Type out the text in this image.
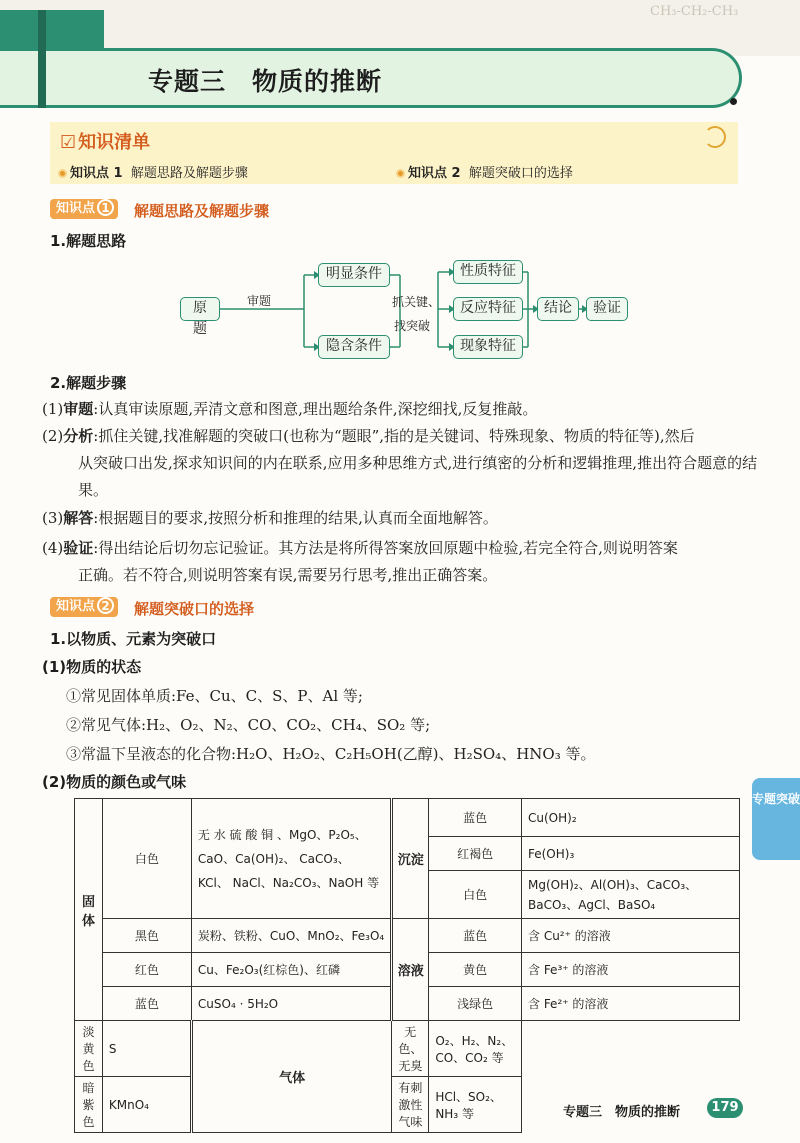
CH₃-CH₂-CH₃
专题三　物质的推断
☑ 知识清单
知识点 1 解题思路及解题步骤	知识点 2 解题突破口的选择
知识点 1	解题思路及解题步骤
1.解题思路
原题
审题
明显条件
隐含条件
抓关键、
找突破
性质特征
反应特征
现象特征
结论	验证
2.解题步骤
(1)审题:认真审读原题,弄清文意和图意,理出题给条件,深挖细找,反复推敲。
(2)分析:抓住关键,找准解题的突破口(也称为“题眼”,指的是关键词、特殊现象、物质的特征等),然后
从突破口出发,探求知识间的内在联系,应用多种思维方式,进行缜密的分析和逻辑推理,推出符合题意的结果。
(3)解答:根据题目的要求,按照分析和推理的结果,认真而全面地解答。
(4)验证:得出结论后切勿忘记验证。其方法是将所得答案放回原题中检验,若完全符合,则说明答案
正确。若不符合,则说明答案有误,需要另行思考,推出正确答案。
知识点 2	解题突破口的选择
1.以物质、元素为突破口
(1)物质的状态
①常见固体单质:Fe、Cu、C、S、P、Al 等;
②常见气体:H₂、O₂、N₂、CO、CO₂、CH₄、SO₂ 等;
③常温下呈液态的化合物:H₂O、H₂O₂、C₂H₅OH(乙醇)、H₂SO₄、HNO₃ 等。
(2)物质的颜色或气味
固体	白色	无 水 硫 酸 铜 、MgO、P₂O₅、CaO、Ca(OH)₂、 CaCO₃、 KCl、 NaCl、Na₂CO₃、NaOH 等	沉淀	蓝色	Cu(OH)₂
				红褐色	Fe(OH)₃
				白色	Mg(OH)₂、Al(OH)₃、CaCO₃、BaCO₃、AgCl、BaSO₄
	黑色	炭粉、铁粉、CuO、MnO₂、Fe₃O₄	溶液	蓝色	含 Cu²⁺ 的溶液
	红色	Cu、Fe₂O₃(红棕色)、红磷		黄色	含 Fe³⁺ 的溶液
	蓝色	CuSO₄ · 5H₂O		浅绿色	含 Fe²⁺ 的溶液
淡黄色	S	气体	无色、无臭	O₂、H₂、N₂、CO、CO₂ 等	
暗紫色	KMnO₄		有刺激性气味	HCl、SO₂、NH₃ 等	
专题突破
专题三　物质的推断	179
